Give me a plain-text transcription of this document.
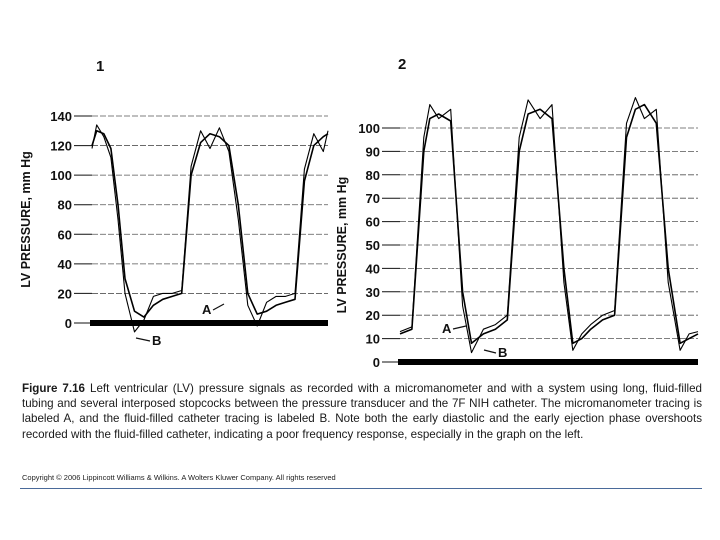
1	2
0
20
40
60
80
100
120
140
LV PRESSURE, mm Hg
A
B
0
10
20
30
40
50
60
70
80
90
100
LV PRESSURE, mm Hg
A
B
Figure 7.16 Left ventricular (LV) pressure signals as recorded with a micromanometer and with a system using long, fluid-filled tubing and several interposed stopcocks between the pressure transducer and the 7F NIH catheter. The micromanometer tracing is labeled A, and the fluid-filled catheter tracing is labeled B. Note both the early diastolic and the early ejection phase overshoots recorded with the fluid-filled catheter, indicating a poor frequency response, especially in the graph on the left.
Copyright © 2006 Lippincott Williams & Wilkins. A Wolters Kluwer Company. All rights reserved
